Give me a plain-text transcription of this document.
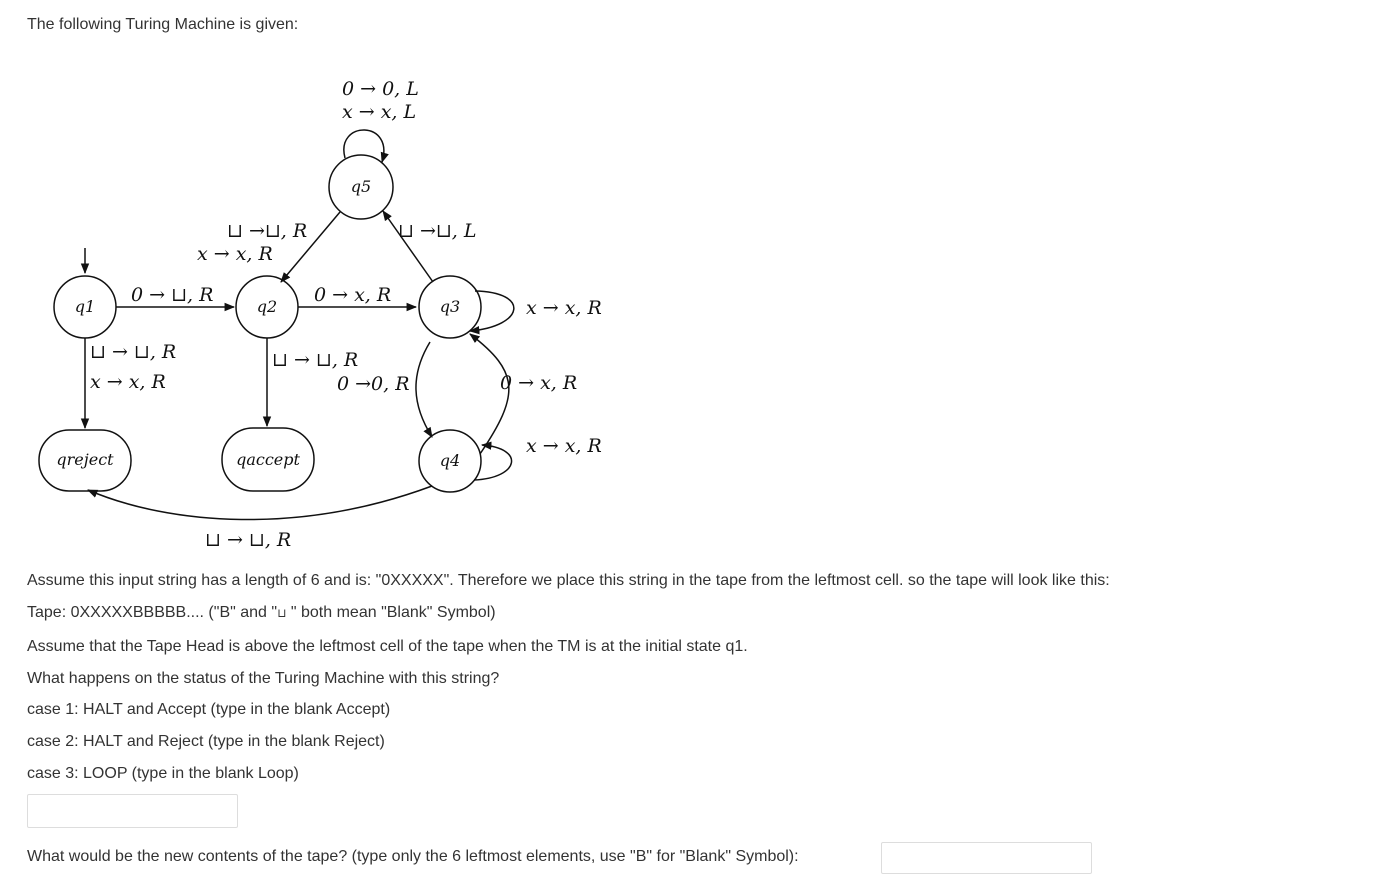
The following Turing Machine is given:
q1	q2	q3
q4
q5
qreject	qaccept
0 → 0, L
x → x, L
⊔ →⊔, L
⊔ →⊔, R
x → x, R
0 → ⊔, R	0 → x, R
x → x, R
⊔ → ⊔, R
x → x, R
⊔ → ⊔, R
0 →0, R	0 → x, R
x → x, R
⊔ → ⊔, R
Assume this input string has a length of 6 and is: "0XXXXX". Therefore we place this string in the tape from the leftmost cell. so the tape will look like this:
Tape: 0XXXXXBBBBB.... ("B" and "⊔ " both mean "Blank" Symbol)
Assume that the Tape Head is above the leftmost cell of the tape when the TM is at the initial state q1.
What happens on the status of the Turing Machine with this string?
case 1: HALT and Accept (type in the blank Accept)
case 2: HALT and Reject (type in the blank Reject)
case 3: LOOP (type in the blank Loop)
What would be the new contents of the tape? (type only the 6 leftmost elements, use "B" for "Blank" Symbol):
